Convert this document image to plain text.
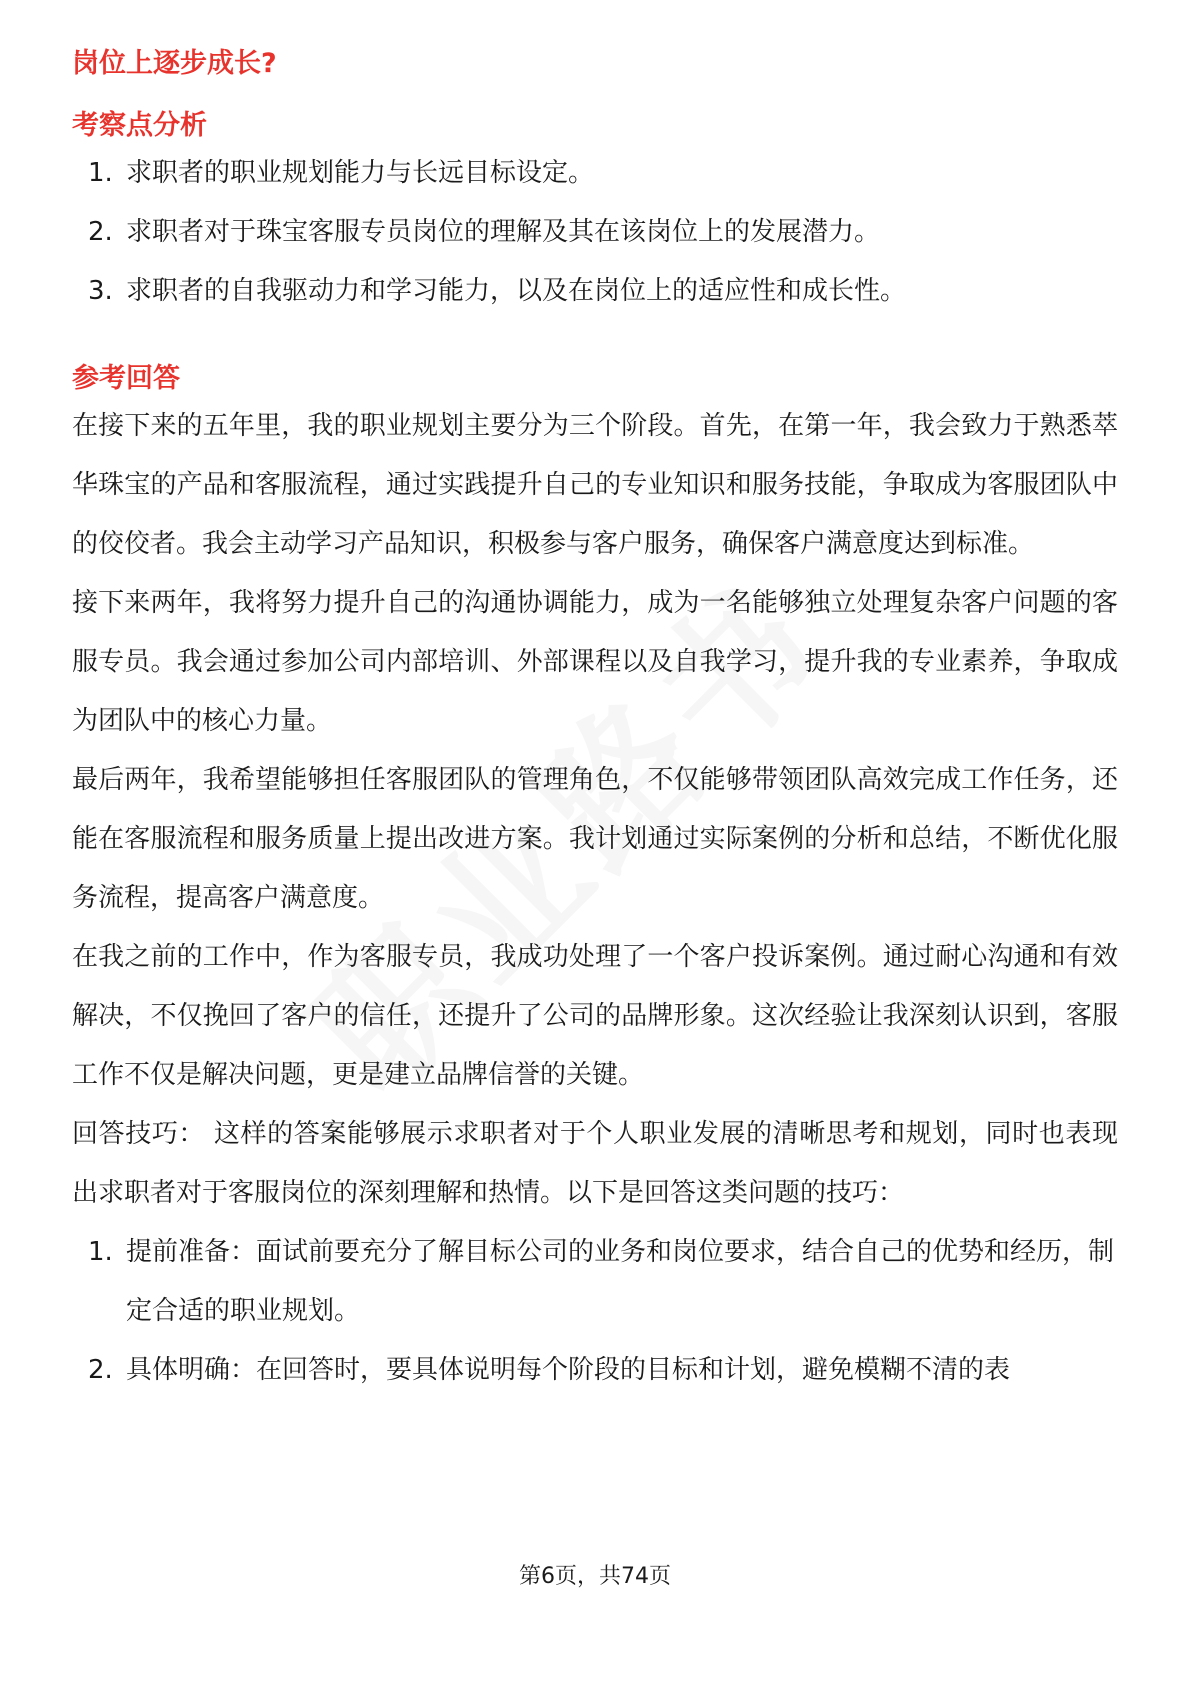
岗位上逐步成长?
考察点分析
1. 求职者的职业规划能力与长远目标设定。
2. 求职者对于珠宝客服专员岗位的理解及其在该岗位上的发展潜力。
3. 求职者的自我驱动力和学习能力，以及在岗位上的适应性和成长性。
参考回答

在接下来的五年里，我的职业规划主要分为三个阶段。首先，在第一年，我会致力于熟悉萃华珠宝的产品和客服流程，通过实践提升自己的专业知识和服务技能，争取成为客服团队中的佼佼者。我会主动学习产品知识，积极参与客户服务，确保客户满意度达到标准。

接下来两年，我将努力提升自己的沟通协调能力，成为一名能够独立处理复杂客户问题的客服专员。我会通过参加公司内部培训、外部课程以及自我学习，提升我的专业素养，争取成为团队中的核心力量。

最后两年，我希望能够担任客服团队的管理角色，不仅能够带领团队高效完成工作任务，还能在客服流程和服务质量上提出改进方案。我计划通过实际案例的分析和总结，不断优化服务流程，提高客户满意度。

在我之前的工作中，作为客服专员，我成功处理了一个客户投诉案例。通过耐心沟通和有效解决，不仅挽回了客户的信任，还提升了公司的品牌形象。这次经验让我深刻认识到，客服工作不仅是解决问题，更是建立品牌信誉的关键。

回答技巧： 这样的答案能够展示求职者对于个人职业发展的清晰思考和规划，同时也表现出求职者对于客服岗位的深刻理解和热情。以下是回答这类问题的技巧：

1. 提前准备：面试前要充分了解目标公司的业务和岗位要求，结合自己的优势和经历，制定合适的职业规划。
2. 具体明确：在回答时，要具体说明每个阶段的目标和计划，避免模糊不清的表
第6页，共74页
